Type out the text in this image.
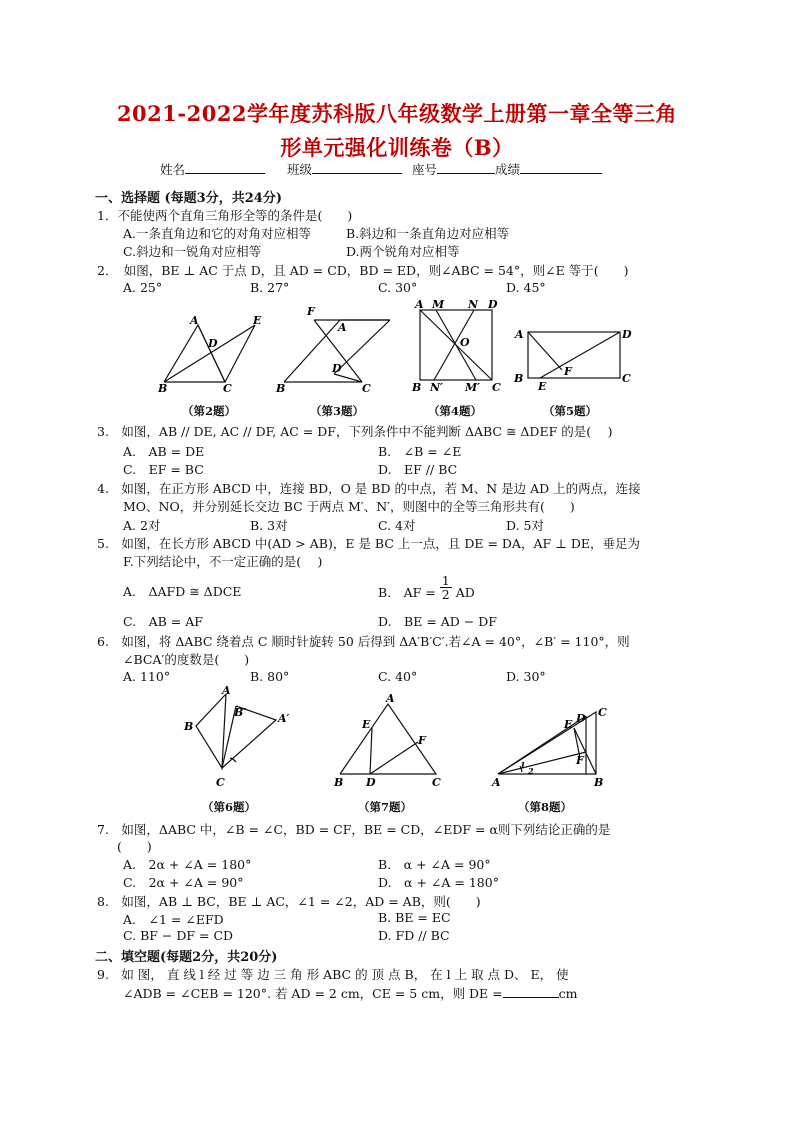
2021-2022学年度苏科版八年级数学上册第一章全等三角
形单元强化训练卷（B）
姓名	班级	座号	成绩
一、选择题 (每题3分，共24分)
1．不能使两个直角三角形全等的条件是(　　)
A.一条直角边和它的对角对应相等	B.斜边和一条直角边对应相等
C.斜边和一锐角对应相等	D.两个锐角对应相等
2．　如图，BE ⊥ AC 于点 D，且 AD = CD，BD = ED，则∠ABC = 54°，则∠E 等于(　　)
A. 25°	B. 27°	C. 30°	D. 45°
A	E
D
B	C
F
A
D
B	C
A M N D
O
B N′ M′ C
A	D
F
B
E
C
（第2题）	（第3题）	（第4题）	（第5题）
3.　如图，AB // DE, AC // DF, AC = DF，下列条件中不能判断 ΔABC ≅ ΔDEF 的是(　 )
A.　AB = DE	B.　∠B = ∠E
C.　EF = BC	D.　EF // BC
4.　如图，在正方形 ABCD 中，连接 BD，O 是 BD 的中点，若 M、N 是边 AD 上的两点，连接
MO、NO，并分别延长交边 BC 于两点 M′、N′，则图中的全等三角形共有(　　)
A. 2对	B. 3对	C. 4对	D. 5对
5.　如图，在长方形 ABCD 中(AD > AB)，E 是 BC 上一点，且 DE = DA，AF ⊥ DE，垂足为
F.下列结论中，不一定正确的是(　 )
A.　ΔAFD ≅ ΔDCE	B.　AF = $\frac{1}{2}$ AD
C.　AB = AF	D.　BE = AD − DF
6.　如图，将 ΔABC 绕着点 C 顺时针旋转 50 后得到 ΔA′B′C′.若∠A = 40°，∠B′ = 110°，则
∠BCA′的度数是(　　)
A. 110°	B. 80°	C. 40°	D. 30°
A
B′	A′
B
C
A
E
F
B D	C
C
E D
F
A	B
1
2
（第6题）	（第7题）	（第8题）
7.　如图，ΔABC 中，∠B = ∠C，BD = CF，BE = CD，∠EDF = α则下列结论正确的是
(　　)
A.　2α + ∠A = 180°	B.　α + ∠A = 90°
C.　2α + ∠A = 90°	D.　α + ∠A = 180°
8.　如图，AB ⊥ BC，BE ⊥ AC，∠1 = ∠2，AD = AB，则(　　)
A.　∠1 = ∠EFD	B. BE = EC
C. BF − DF = CD	D. FD // BC
二、填空题(每题2分，共20分)
9.　如 图， 直 线 l 经 过 等 边 三 角 形 ABC 的 顶 点 B， 在 l 上 取 点 D、 E， 使
∠ADB = ∠CEB = 120°. 若 AD = 2 cm，CE = 5 cm，则 DE =	cm
